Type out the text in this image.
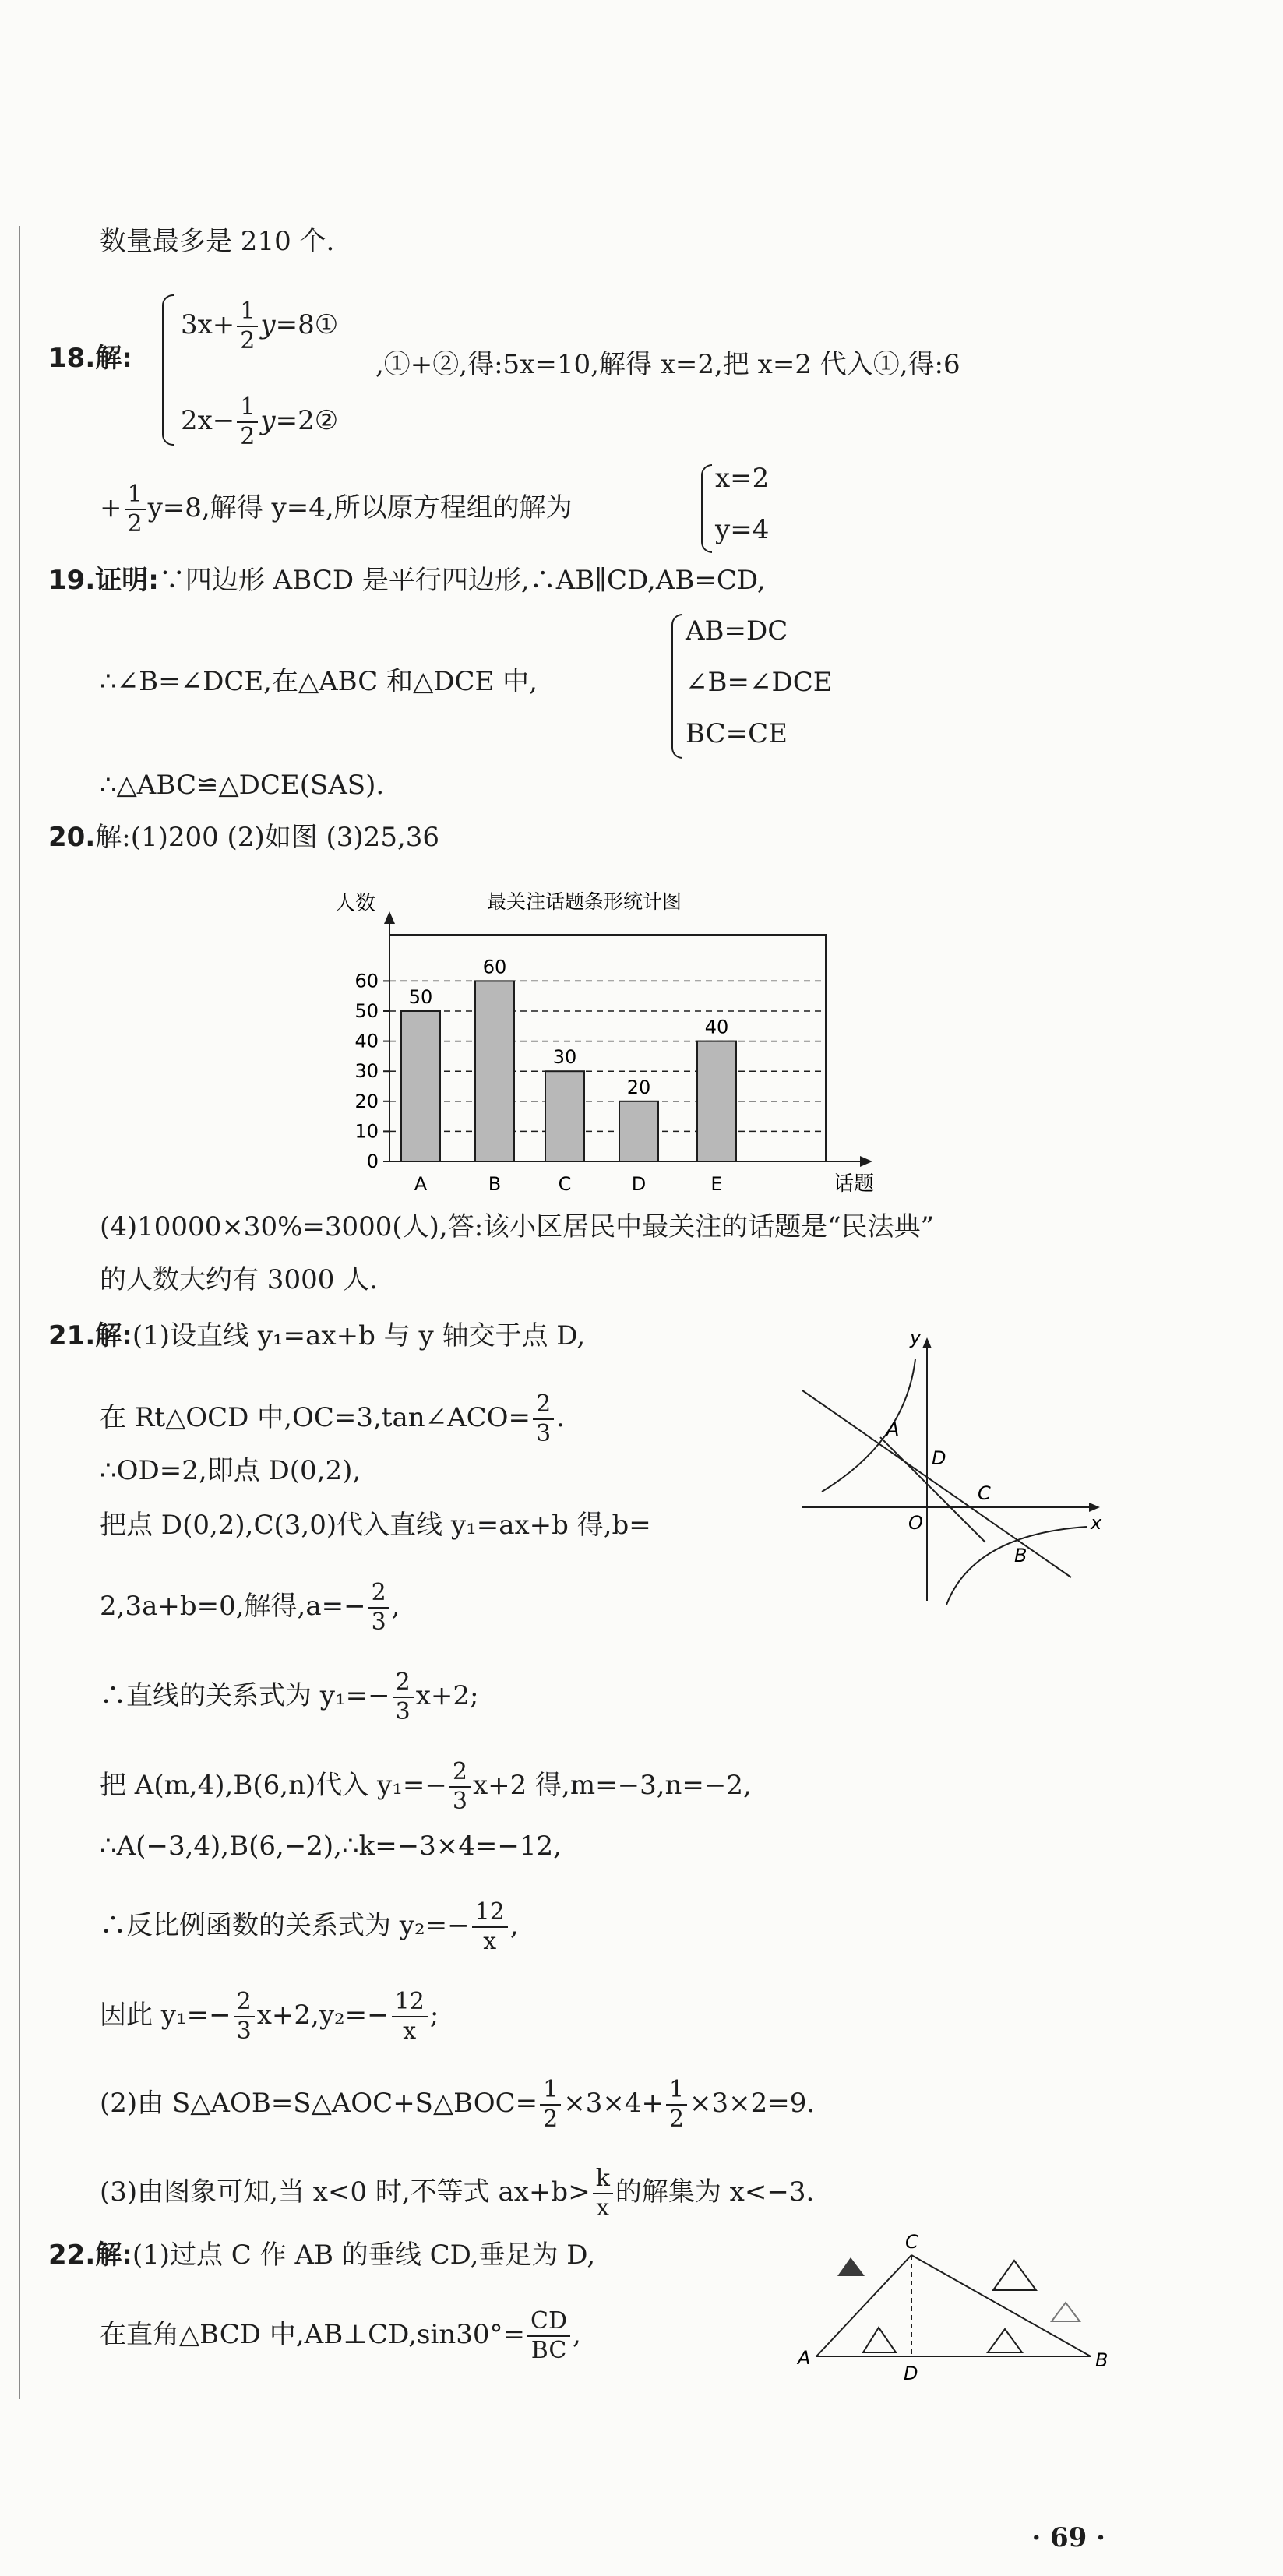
数量最多是 210 个.
18.解:
$3x+ \frac{1}{2}$ y=8①
$2x- \frac{1}{2}$ y=2②
,①+②,得:5x=10,解得 x=2,把 x=2 代入①,得:6
+ $\frac{1}{2} y=8$,解得 y=4,所以原方程组的解为
x=2
y=4
19.证明:∵四边形 ABCD 是平行四边形,∴AB∥CD,AB=CD,
∴∠B=∠DCE,在△ABC 和△DCE 中,
AB=DC
∠B=∠DCE
BC=CE
∴△ABC≌△DCE(SAS).
20.解:(1)200 (2)如图 (3)25,36
人数	最关注话题条形统计图
话题
0
10
20
30
40
50
60
A	B	C	D	E
50
60
30
20
40
(4)10000×30%=3000(人),答:该小区居民中最关注的话题是“民法典”
的人数大约有 3000 人.
21.解:(1)设直线 y₁=ax+b 与 y 轴交于点 D,
在 Rt△OCD 中,OC=3,tan∠ACO= $\frac{2}{3}$ .
∴OD=2,即点 D(0,2),
把点 D(0,2),C(3,0)代入直线 y₁=ax+b 得,b=
2,3a+b=0,解得$,a=- \frac{2}{3}$ ,
∴直线的关系式为 $y_1=- \frac{2}{3} x+2$;
把 A(m,4),B(6,n)代入 $y_1=- \frac{2}{3} x+2$ 得,m=−3,n=−2,
∴A(−3,4),B(6,−2),∴k=−3×4=−12,
∴反比例函数的关系式为 $y_2=- \frac{12}{x}$ ,
因此 $y_1=- \frac{2}{3} x+2,y_2=- \frac{12}{x}$ ;
(2)由 S△AOB=S△AOC+S△BOC= $\frac{1}{2} \times 3\times 4+ \frac{1}{2} \times 3\times 2=9$.
(3)由图象可知,当 x<0 时,不等式 $ax+b> \frac{k}{x}$ 的解集为 x<−3.
y
x
A
D
C
O
B
22.解:(1)过点 C 作 AB 的垂线 CD,垂足为 D,
在直角△BCD 中,AB⊥CD,sin30°= $\frac{CD}{BC}$ ,
C
A
D
B
· 69 ·
